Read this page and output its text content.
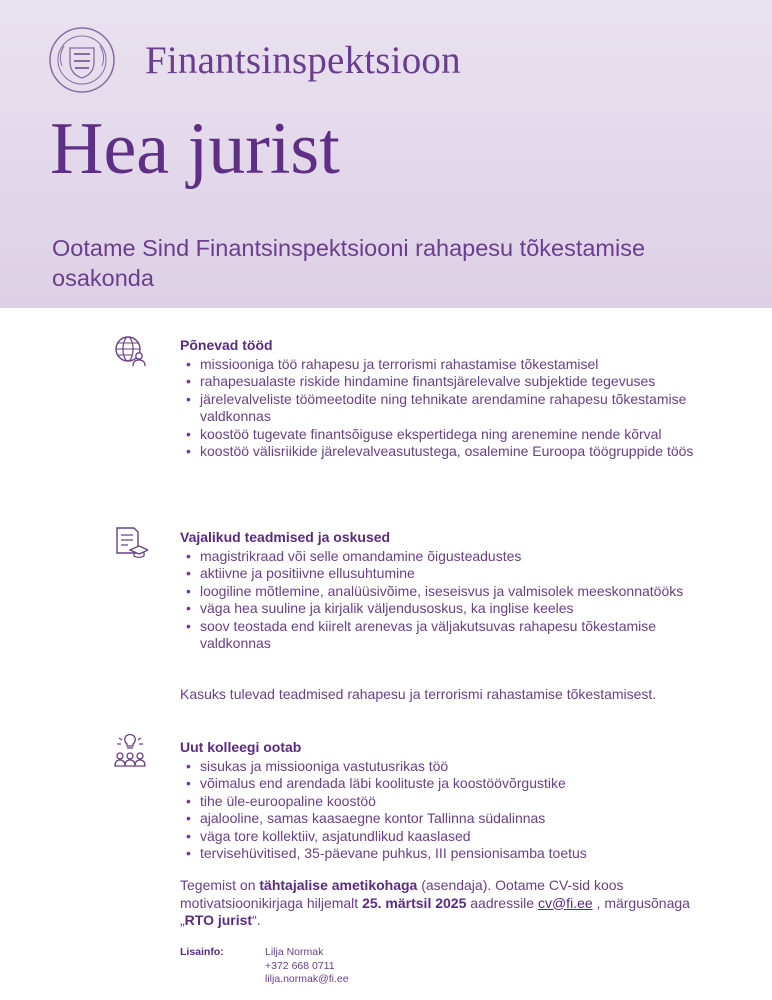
Finantsinspektsioon
Hea jurist
Ootame Sind Finantsinspektsiooni rahapesu tõkestamise osakonda
Põnevad tööd
• missiooniga töö rahapesu ja terrorismi rahastamise tõkestamisel
• rahapesualaste riskide hindamine finantsjärelevalve subjektide tegevuses
• järelevalveliste töömeetodite ning tehnikate arendamine rahapesu tõkestamise valdkonnas
• koostöö tugevate finantsõiguse ekspertidega ning arenemine nende kõrval
• koostöö välisriikide järelevalveasutustega, osalemine Euroopa töögruppide töös
Vajalikud teadmised ja oskused
• magistrikraad või selle omandamine õigusteadustes
• aktiivne ja positiivne ellusuhtumine
• loogiline mõtlemine, analüüsivõime, iseseisvus ja valmisolek meeskonnatööks
• väga hea suuline ja kirjalik väljendusoskus, ka inglise keeles
• soov teostada end kiirelt arenevas ja väljakutsuvas rahapesu tõkestamise valdkonnas
Kasuks tulevad teadmised rahapesu ja terrorismi rahastamise tõkestamisest.
Uut kolleegi ootab
• sisukas ja missiooniga vastutusrikas töö
• võimalus end arendada läbi koolituste ja koostöövõrgustike
• tihe üle-euroopaline koostöö
• ajalooline, samas kaasaegne kontor Tallinna südalinnas
• väga tore kollektiiv, asjatundlikud kaaslased
• tervisehüvitised, 35-päevane puhkus, III pensionisamba toetus
Tegemist on tähtajalise ametikohaga (asendaja). Ootame CV-sid koos motivatsioonikirjaga hiljemalt 25. märtsil 2025 aadressile cv@fi.ee , märgusõnaga „RTO jurist“.
Lisainfo:	Lilja Normak
+372 668 0711
lilja.normak@fi.ee
